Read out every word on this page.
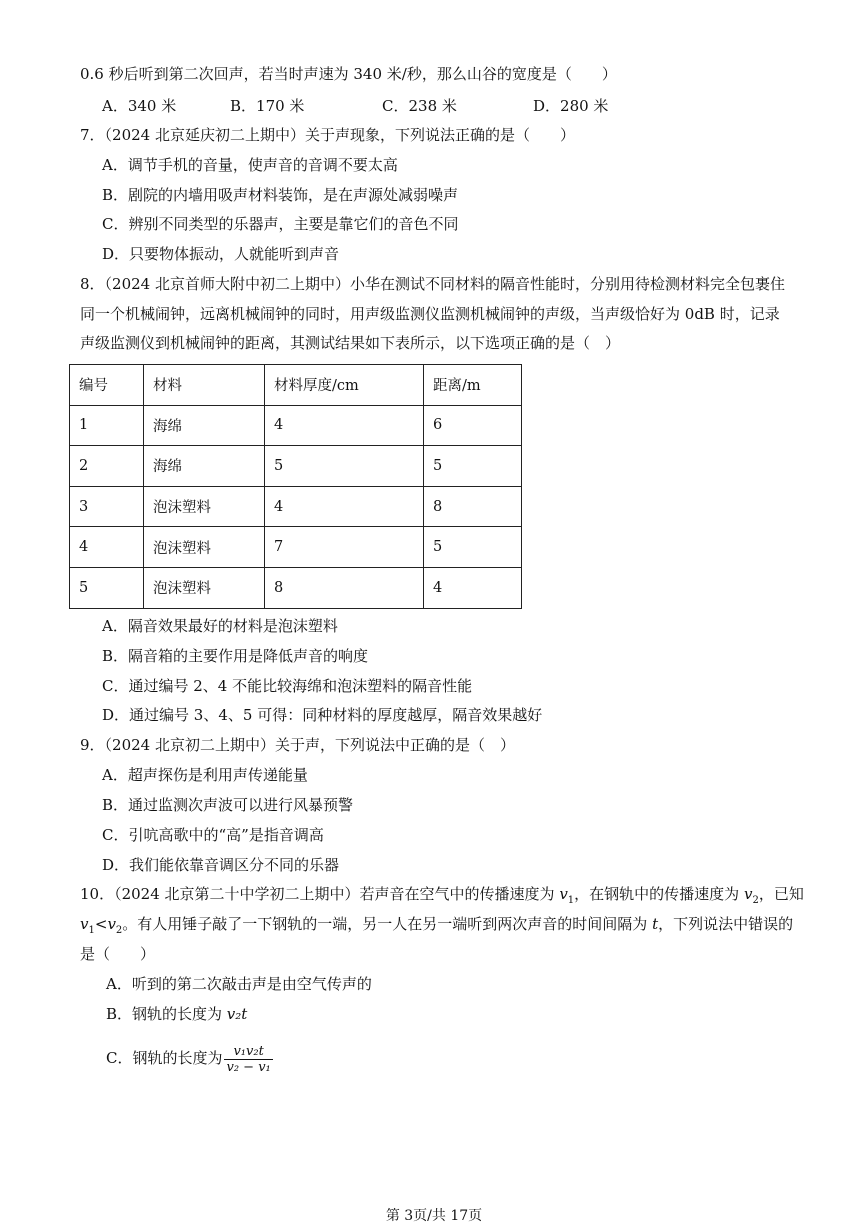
0.6 秒后听到第二次回声，若当时声速为 340 米/秒，那么山谷的宽度是（　　）
A．340 米	B．170 米	C．238 米	D．280 米
7．（2024 北京延庆初二上期中）关于声现象，下列说法正确的是（　　）
A．调节手机的音量，使声音的音调不要太高
B．剧院的内墙用吸声材料装饰，是在声源处减弱噪声
C．辨别不同类型的乐器声，主要是靠它们的音色不同
D．只要物体振动，人就能听到声音
8．（2024 北京首师大附中初二上期中）小华在测试不同材料的隔音性能时，分别用待检测材料完全包裹住
同一个机械闹钟，远离机械闹钟的同时，用声级监测仪监测机械闹钟的声级，当声级恰好为 0dB 时，记录
声级监测仪到机械闹钟的距离，其测试结果如下表所示，以下选项正确的是（　）
编号	材料	材料厚度/cm	距离/m
1	海绵	4	6
2	海绵	5	5
3	泡沫塑料	4	8
4	泡沫塑料	7	5
5	泡沫塑料	8	4
A．隔音效果最好的材料是泡沫塑料
B．隔音箱的主要作用是降低声音的响度
C．通过编号 2、4 不能比较海绵和泡沫塑料的隔音性能
D．通过编号 3、4、5 可得：同种材料的厚度越厚，隔音效果越好
9．（2024 北京初二上期中）关于声，下列说法中正确的是（　）
A．超声探伤是利用声传递能量
B．通过监测次声波可以进行风暴预警
C．引吭高歌中的“高”是指音调高
D．我们能依靠音调区分不同的乐器
10．（2024 北京第二十中学初二上期中）若声音在空气中的传播速度为 $v_1$，在钢轨中的传播速度为 $v_2$，已知
$v_1<v_2$。有人用锤子敲了一下钢轨的一端，另一人在另一端听到两次声音的时间间隔为 t，下列说法中错误的
是（　　）
A．听到的第二次敲击声是由空气传声的
B．钢轨的长度为 v₂t
C．钢轨的长度为 $\frac{\text{v₁v₂t}}{\text{v₂ − v₁}}$
第 3页/共 17页
